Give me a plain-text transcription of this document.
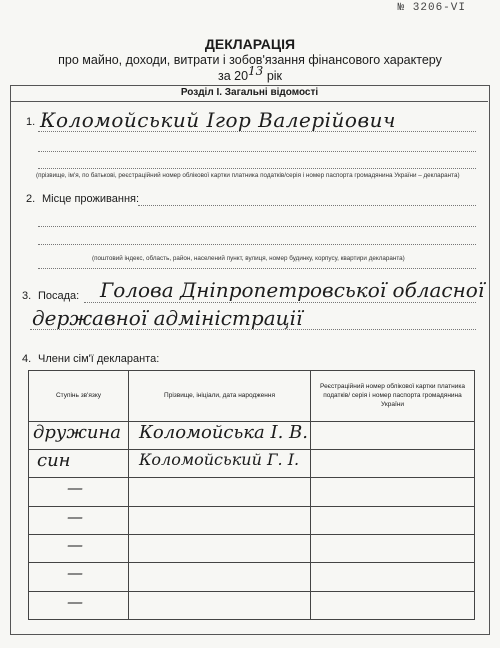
№ 3206-VI
ДЕКЛАРАЦІЯ
про майно, доходи, витрати і зобов'язання фінансового характеру
за 2013 рік
Розділ І. Загальні відомості
1. Коломойський Ігор Валерійович
(прізвище, ім'я, по батькові, реєстраційний номер облікової картки платника податків/серія і номер паспорта громадянина України – декларанта)
2. Місце проживання:
(поштовий індекс, область, район, населений пункт, вулиця, номер будинку, корпусу, квартири декларанта)
3. Посада: Голова Дніпропетровської обласної
державної адміністрації
4. Члени сім'ї декларанта:
Ступінь зв'язку	Прізвище, ініціали, дата народження	Реєстраційний номер облікової картки платника податків/ серія і номер паспорта громадянина України

дружина	Коломойська І. В.	

син	Коломойський Г. І.	

—		

—		

—		

—		

—		
